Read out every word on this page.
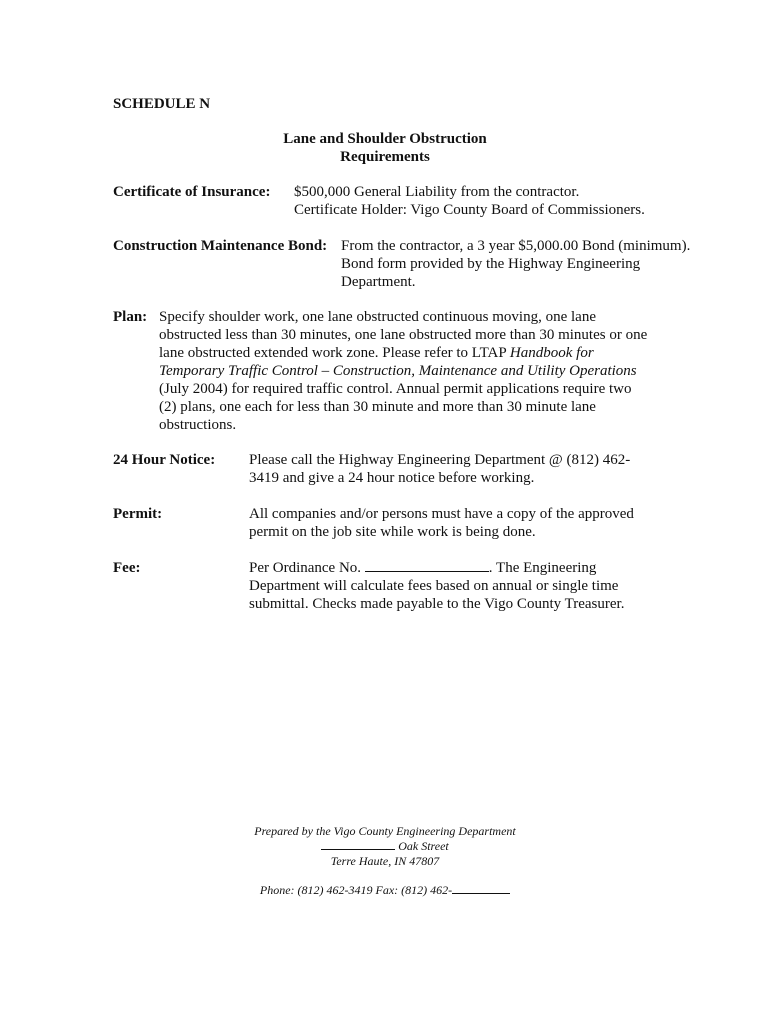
SCHEDULE N
Lane and Shoulder Obstruction
Requirements
Certificate of Insurance: $500,000 General Liability from the contractor.
Certificate Holder: Vigo County Board of Commissioners.
Construction Maintenance Bond: From the contractor, a 3 year $5,000.00 Bond (minimum).
Bond form provided by the Highway Engineering
Department.
Plan: Specify shoulder work, one lane obstructed continuous moving, one lane
obstructed less than 30 minutes, one lane obstructed more than 30 minutes or one
lane obstructed extended work zone. Please refer to LTAP Handbook for
Temporary Traffic Control – Construction, Maintenance and Utility Operations
(July 2004) for required traffic control. Annual permit applications require two
(2) plans, one each for less than 30 minute and more than 30 minute lane
obstructions.
24 Hour Notice: Please call the Highway Engineering Department @ (812) 462-
3419 and give a 24 hour notice before working.
Permit:	All companies and/or persons must have a copy of the approved
permit on the job site while work is being done.
Fee:	Per Ordinance No.	. The Engineering
Department will calculate fees based on annual or single time
submittal. Checks made payable to the Vigo County Treasurer.
Prepared by the Vigo County Engineering Department
Oak Street
Terre Haute, IN 47807
Phone: (812) 462-3419 Fax: (812) 462-
